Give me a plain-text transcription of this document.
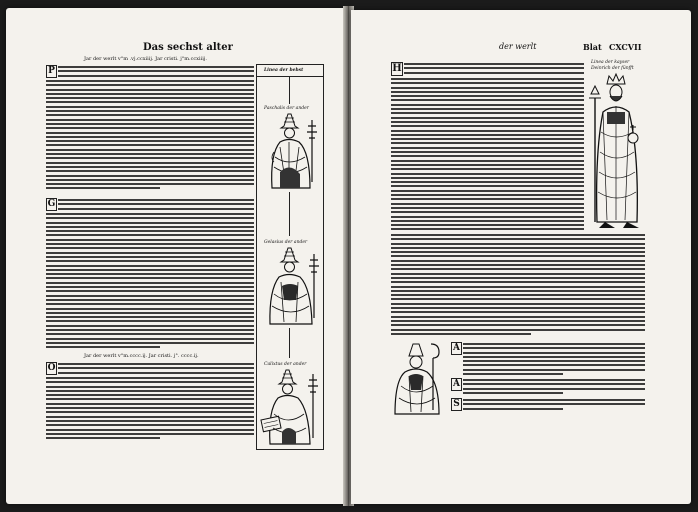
Das sechst alter
Jar der werlt v°m .vj.ccxiiij. Jar cristi. j°m.ccxiiij.
P
G
Jar der werlt v°m.cccc.ij. Jar cristi. j°. cccc.ij.
O
Linea der bebst
Paschalis der ander
Gelasius der ander
Calixtus der ander
der werlt	Blat CXCVII
H
Linea der kayser
Deinrich der fünfft
A
A
S
